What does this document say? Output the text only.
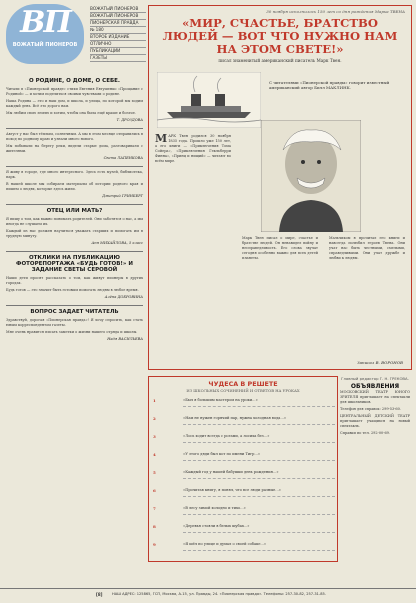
ВП
ВОЖАТЫЙ ПИОНЕРОВ
ВОЖАТЫЙ ПИОНЕРОВ
ВОЖАТЫЙ ПИОНЕРОВ
ПИОНЕРСКАЯ ПРАВДА
№ 180
ВТОРОЕ ИЗДАНИЕ
ОТЛИЧНО
ПУБЛИКАЦИИ
ГАЗЕТЫ
О РОДИНЕ, О ДОМЕ, О СЕБЕ.

Читали в «Пионерской правде» стихи Евгения Евтушенко «Прощание с Родиной» — и хотим поделиться своими чувствами о родине.

Наша Родина — это и наш дом, и школа, и улица, по которой мы ходим каждый день. Всё это дорого нам.

Мы любим свою землю и хотим, чтобы она была ещё краше и богаче.

Т. ДРОЗДОВА

Август у нас был тёплым, солнечным. А мы в этом месяце отправились в поход по родному краю и узнали много нового.

Мы побывали на берегу реки, видели старые дома, разговаривали с жителями.

Света ЛАПЕНКОВА

Я живу в городе, где много интересного. Здесь есть музей, библиотека, парк.

В нашей школе мы собираем материалы об истории родного края и пишем о людях, которые здесь жили.

Дмитрий ГРИНБЕРГ
ОТЕЦ ИЛИ МАТЬ?

Я пишу о том, как важно понимать родителей. Они заботятся о нас, а мы иногда не слушаем их.

Каждый из нас должен научиться уважать старших и помогать им в трудную минуту.

Аня МИХАЙЛОВА, 5 класс
ОТКЛИКИ НА ПУБЛИКАЦИЮ ФОТОРЕПОРТАЖА «БУДЬ ГОТОВ!» И ЗАДАНИЕ СВЕТЫ СЕРОВОЙ

Наши дети просят рассказать о том, как живут пионеры в других городах.

Будь готов — это значит быть готовым помогать людям в любое время.

Алёна ДОБРОВИНА
ВОПРОС ЗАДАЕТ ЧИТАТЕЛЬ

Здравствуй, дорогая «Пионерская правда»! Я хочу спросить, как стать юным корреспондентом газеты.

Мне очень нравится писать заметки о жизни нашего отряда и школы.

Надя ВАСИЛЬЕВА
30 ноября исполнилось 150 лет со дня рождения Марка ТВЕНА
«МИР, СЧАСТЬЕ, БРАТСТВО ЛЮДЕЙ — ВОТ ЧТО НУЖНО НАМ НА ЭТОМ СВЕТЕ!»
писал знаменитый американский писатель Марк Твен.
С читателями «Пионерской правды» говорит известный американский автор Билл МАКЛИНК.

МАРК Твен родился 30 ноября 1835 года. Прошло уже 150 лет, а его книги — «Приключения Тома Сойера», «Приключения Гекльберри Финна», «Принц и нищий» — читают во всём мире.

Мальчиком я прочитал его книги и навсегда полюбил героев Твена. Они учат нас быть честными, смелыми, справедливыми. Они учат дружбе и любви к людям.

Марк Твен писал о мире, счастье и братстве людей. Он ненавидел войну и несправедливость. Его слова звучат сегодня особенно важно для всех детей планеты.

Записал В. ВОРОНОВ
ЧУДЕСА В РЕШЕТЕ
ИЗ ШКОЛЬНЫХ СОЧИНЕНИЙ И ОТВЕТОВ НА УРОКАХ
1	«Был я большим мастером на уроки...»
2	«Нам не нужен горячий пар, нужна холодная вода...»
3	«Лось ходит всегда с рогами, а лосиха без...»
4	«У этого дяди был кот по имени Тигр...»
5	«Каждый год у нашей бабушки день рождения...»
6	«Прочитав книгу, я понял, что все люди разные...»
7	«В лесу зимой холодно и тихо...»
8	«Деревья стояли в белых шубах...»
9	«Я шёл по улице и думал о своей собаке...»
Главный редактор Г. Н. ГРЕКОВА.
ОБЪЯВЛЕНИЯ

МОСКОВСКИЙ ТЕАТР ЮНОГО ЗРИТЕЛЯ приглашает на спектакли для школьников.

Телефон для справок: 299-53-60.

ЦЕНТРАЛЬНЫЙ ДЕТСКИЙ ТЕАТР приглашает учащихся на новый спектакль.

Справки по тел. 292-00-69.

[8]	НАШ АДРЕС: 125865, ГСП, Москва, А-15, ул. Правды, 24. «Пионерская правда». Телефоны: 257-30-82, 257-31-85.
